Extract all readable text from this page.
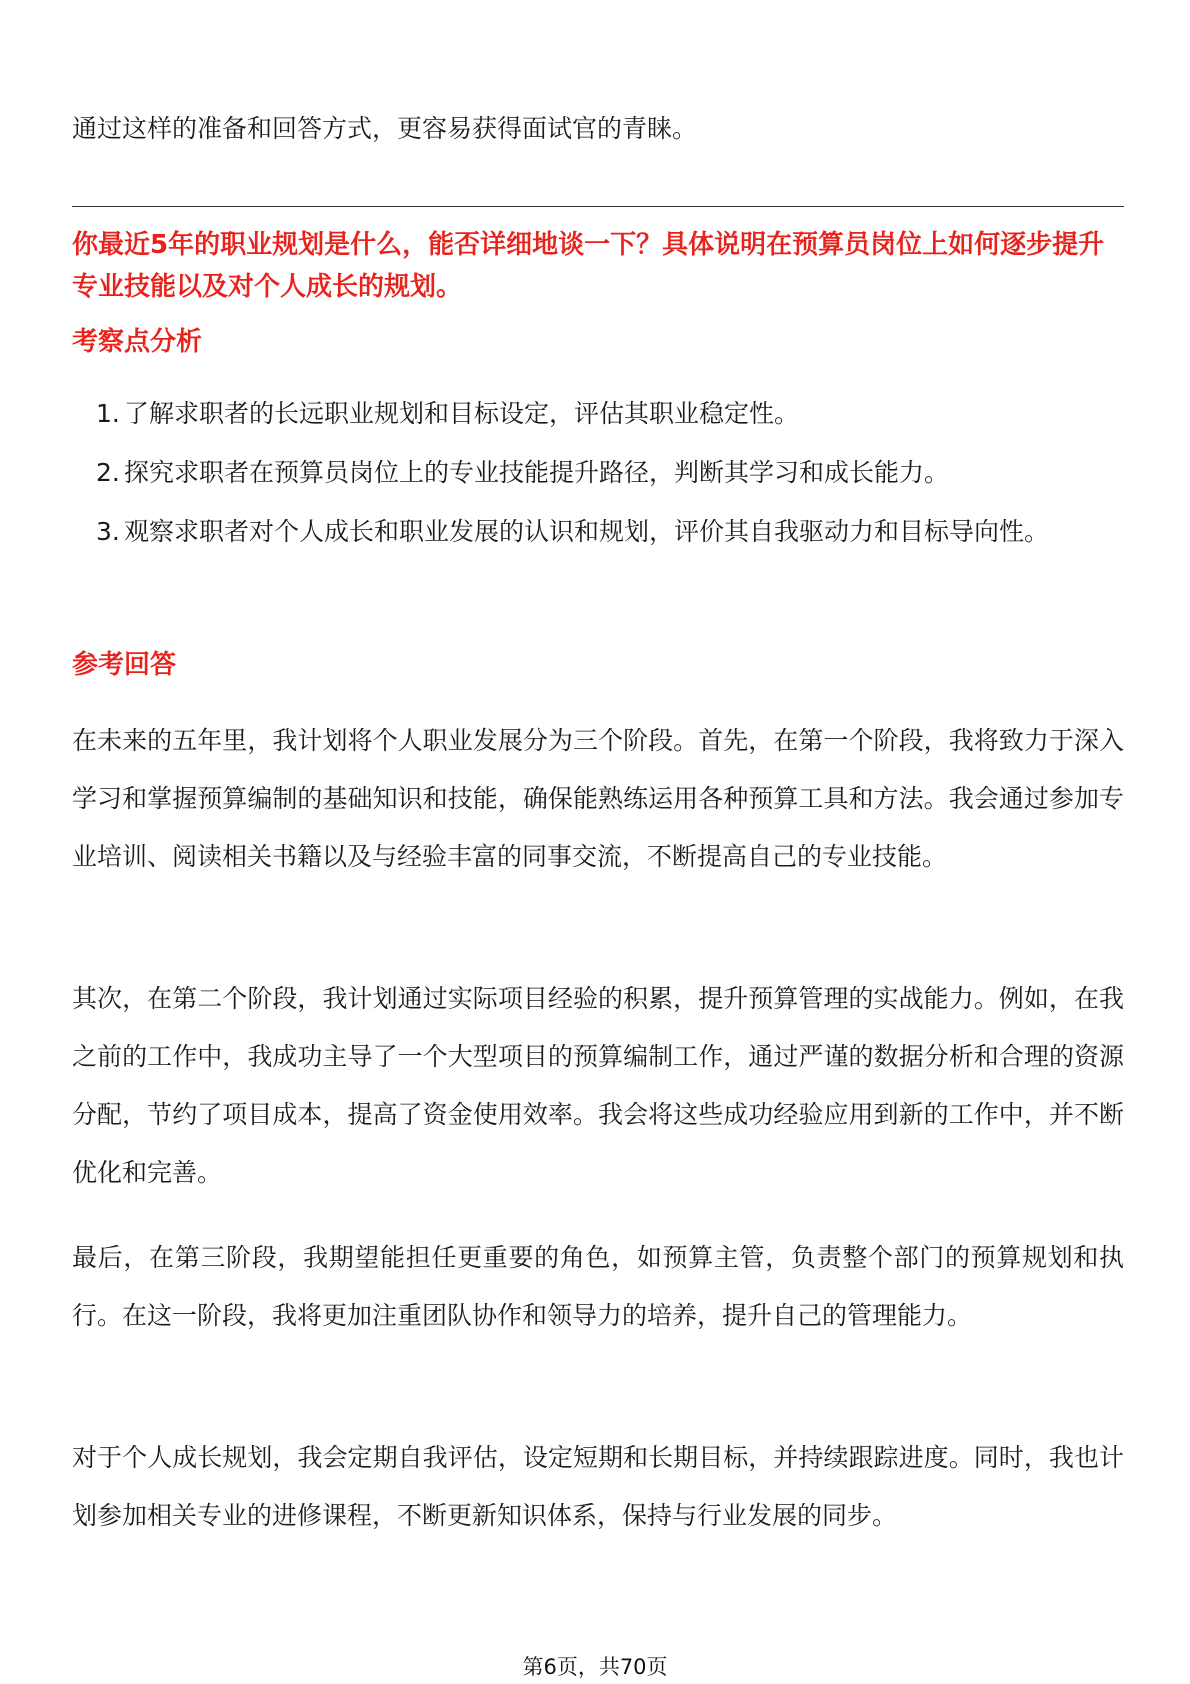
通过这样的准备和回答方式，更容易获得面试官的青睐。

你最近5年的职业规划是什么，能否详细地谈一下？具体说明在预算员岗位上如何逐步提升专业技能以及对个人成长的规划。
考察点分析
1. 了解求职者的长远职业规划和目标设定，评估其职业稳定性。
2. 探究求职者在预算员岗位上的专业技能提升路径，判断其学习和成长能力。
3. 观察求职者对个人成长和职业发展的认识和规划，评价其自我驱动力和目标导向性。
参考回答

在未来的五年里，我计划将个人职业发展分为三个阶段。首先，在第一个阶段，我将致力于深入学习和掌握预算编制的基础知识和技能，确保能熟练运用各种预算工具和方法。我会通过参加专业培训、阅读相关书籍以及与经验丰富的同事交流，不断提高自己的专业技能。

其次，在第二个阶段，我计划通过实际项目经验的积累，提升预算管理的实战能力。例如，在我之前的工作中，我成功主导了一个大型项目的预算编制工作，通过严谨的数据分析和合理的资源分配，节约了项目成本，提高了资金使用效率。我会将这些成功经验应用到新的工作中，并不断优化和完善。

最后，在第三阶段，我期望能担任更重要的角色，如预算主管，负责整个部门的预算规划和执行。在这一阶段，我将更加注重团队协作和领导力的培养，提升自己的管理能力。

对于个人成长规划，我会定期自我评估，设定短期和长期目标，并持续跟踪进度。同时，我也计划参加相关专业的进修课程，不断更新知识体系，保持与行业发展的同步。

第6页，共70页
